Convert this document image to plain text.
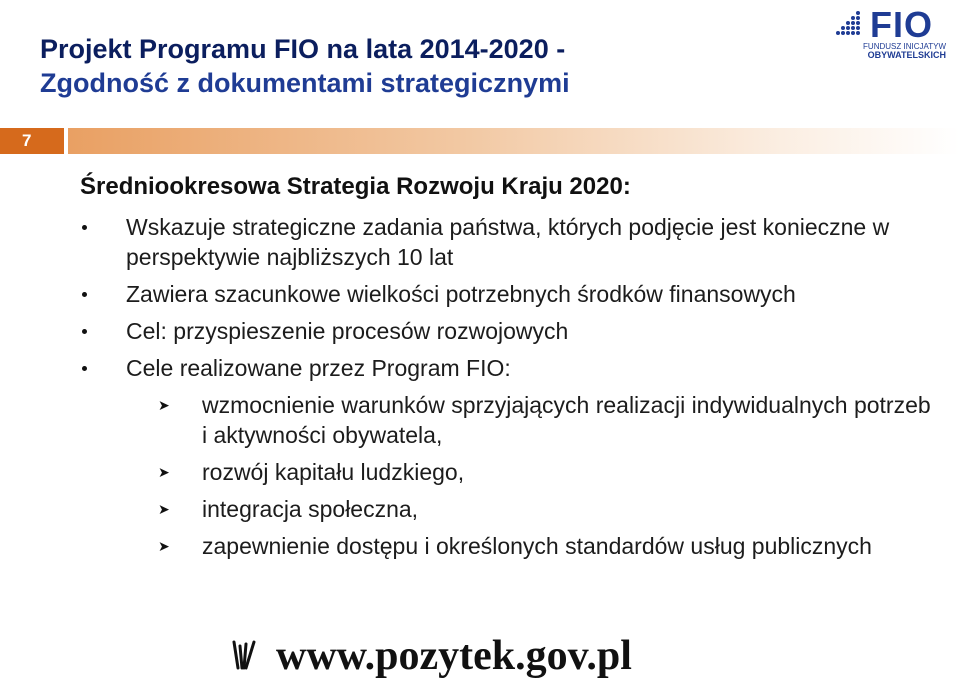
Projekt Programu FIO na lata 2014-2020 -
Zgodność z dokumentami strategicznymi
FIO
FUNDUSZ INICJATYW
OBYWATELSKICH
7
Średniookresowa Strategia Rozwoju Kraju 2020:
Wskazuje strategiczne zadania państwa, których podjęcie jest konieczne w perspektywie najbliższych 10 lat
Zawiera szacunkowe wielkości potrzebnych środków finansowych
Cel: przyspieszenie procesów rozwojowych
Cele realizowane przez Program FIO:
➤ wzmocnienie warunków sprzyjających realizacji indywidualnych potrzeb i aktywności obywatela,
➤ rozwój kapitału ludzkiego,
➤ integracja społeczna,
➤ zapewnienie dostępu i określonych standardów usług publicznych
www.pozytek.gov.pl
